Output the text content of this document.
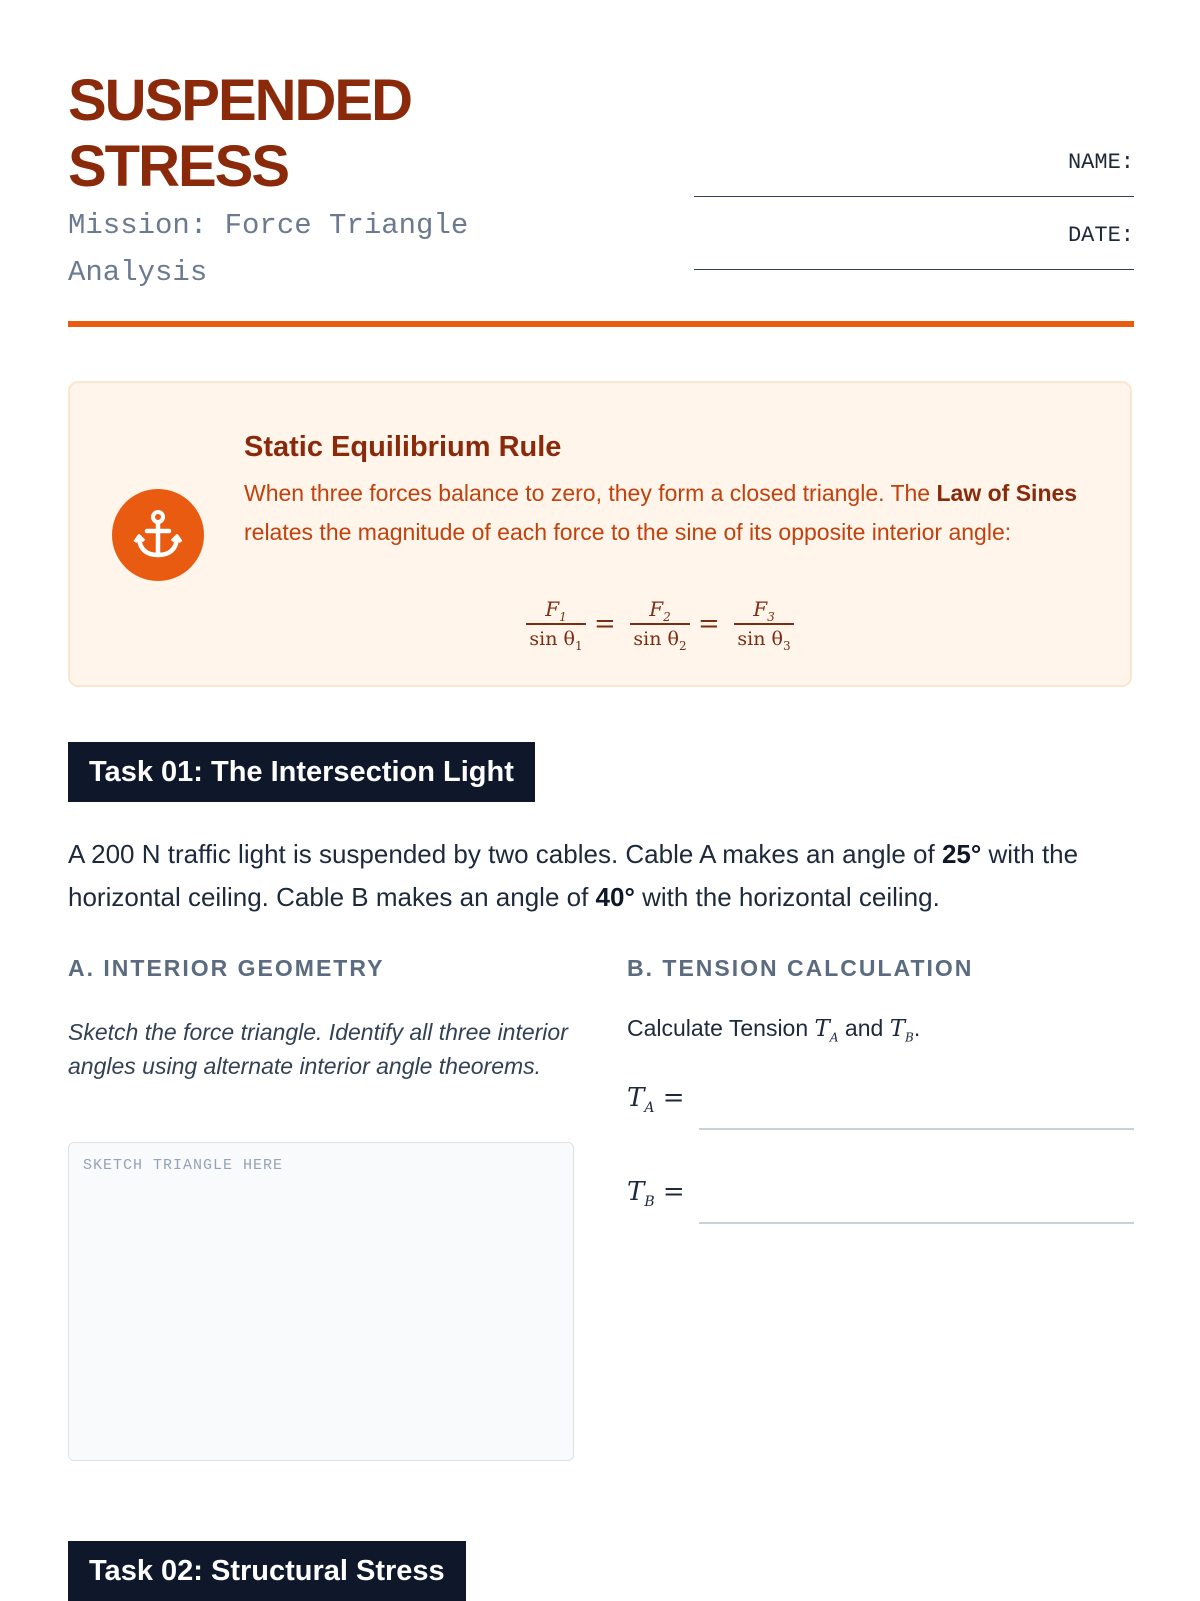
SUSPENDED
STRESS
Mission: Force Triangle
Analysis
NAME:
DATE:
Static Equilibrium Rule
When three forces balance to zero, they form a closed triangle. The Law of Sines relates the magnitude of each force to the sine of its opposite interior angle:
$F_1$
$\sin \theta_1$
=	$F_2$
$\sin \theta_2$
=	$F_3$
$\sin \theta_3$
Task 01: The Intersection Light
A 200 N traffic light is suspended by two cables. Cable A makes an angle of 25° with the horizontal ceiling. Cable B makes an angle of 40° with the horizontal ceiling.
A. INTERIOR GEOMETRY
Sketch the force triangle. Identify all three interior angles using alternate interior angle theorems.
SKETCH TRIANGLE HERE
B. TENSION CALCULATION
Calculate Tension $T_A$ and $T_B$.
$T_A$ =
$T_B$ =
Task 02: Structural Stress
